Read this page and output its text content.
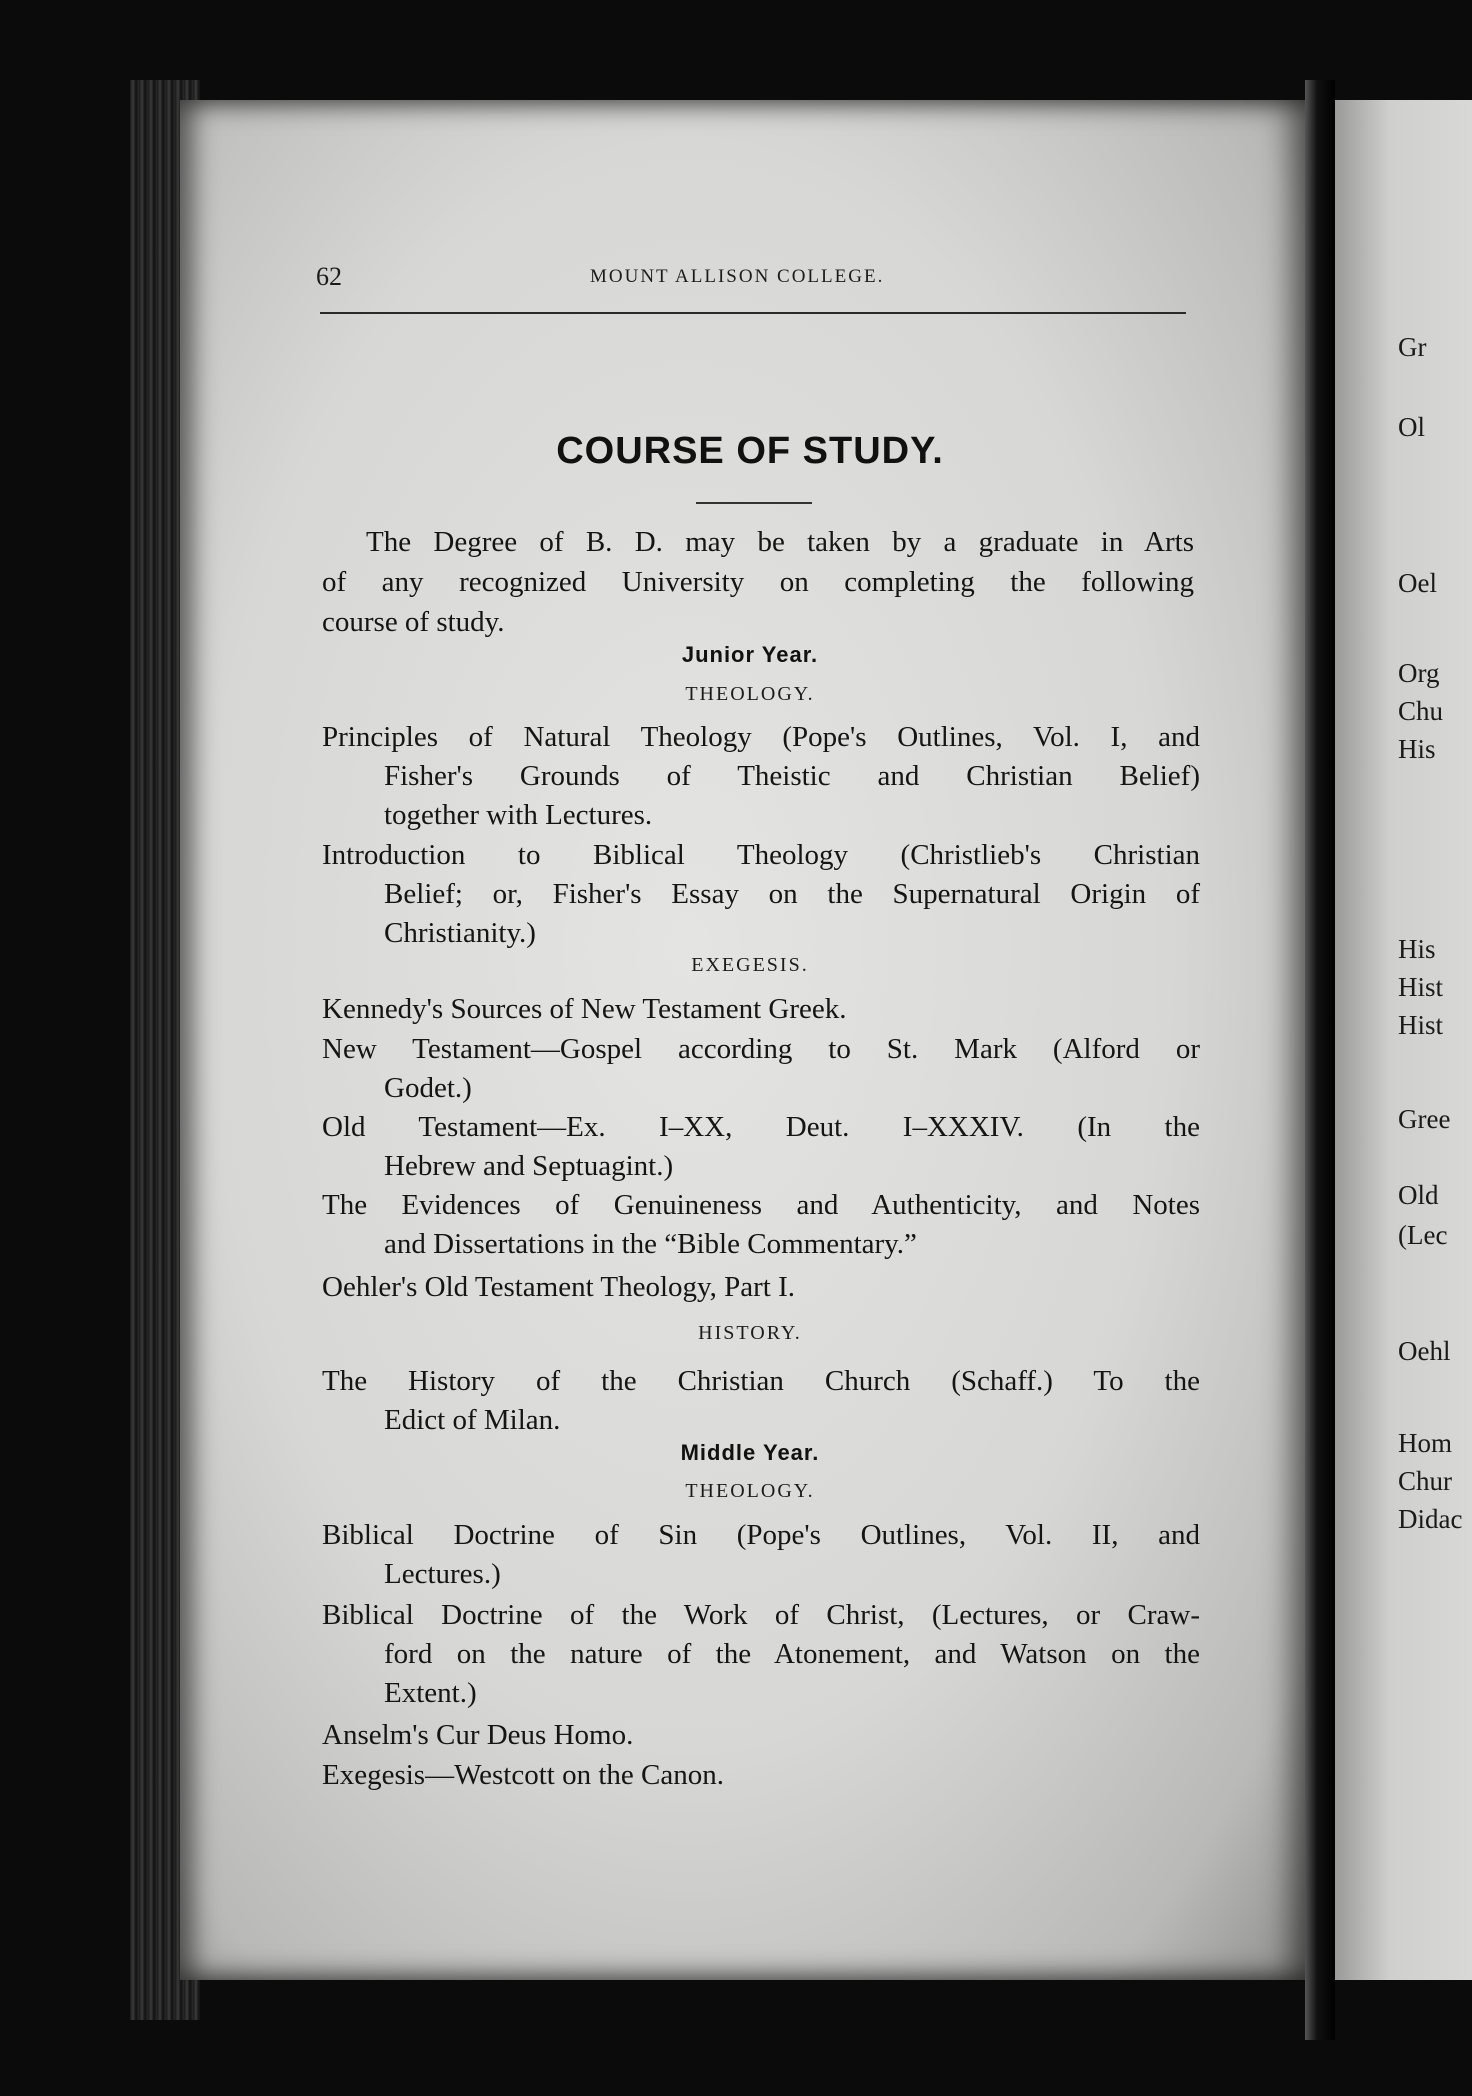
62	MOUNT ALLISON COLLEGE.
COURSE OF STUDY.
The Degree of B. D. may be taken by a graduate in Arts
of any recognized University on completing the following
course of study.
Junior Year.
THEOLOGY.
Principles of Natural Theology (Pope's Outlines, Vol. I, and
Fisher's Grounds of Theistic and Christian Belief)
together with Lectures.
Introduction to Biblical Theology (Christlieb's Christian
Belief; or, Fisher's Essay on the Supernatural Origin of
Christianity.)
EXEGESIS.
Kennedy's Sources of New Testament Greek.
New Testament—Gospel according to St. Mark (Alford or
Godet.)
Old Testament—Ex. I–XX, Deut. I–XXXIV. (In the
Hebrew and Septuagint.)
The Evidences of Genuineness and Authenticity, and Notes
and Dissertations in the “Bible Commentary.”
Oehler's Old Testament Theology, Part I.
HISTORY.
The History of the Christian Church (Schaff.) To the
Edict of Milan.
Middle Year.
THEOLOGY.
Biblical Doctrine of Sin (Pope's Outlines, Vol. II, and
Lectures.)
Biblical Doctrine of the Work of Christ, (Lectures, or Craw-
ford on the nature of the Atonement, and Watson on the
Extent.)
Anselm's Cur Deus Homo.
Exegesis—Westcott on the Canon.
Gr
Ol
Oel
Org
Chu
His
His
Hist
Hist
Gree
Old
(Lec
Oehl
Hom
Chur
Didac
